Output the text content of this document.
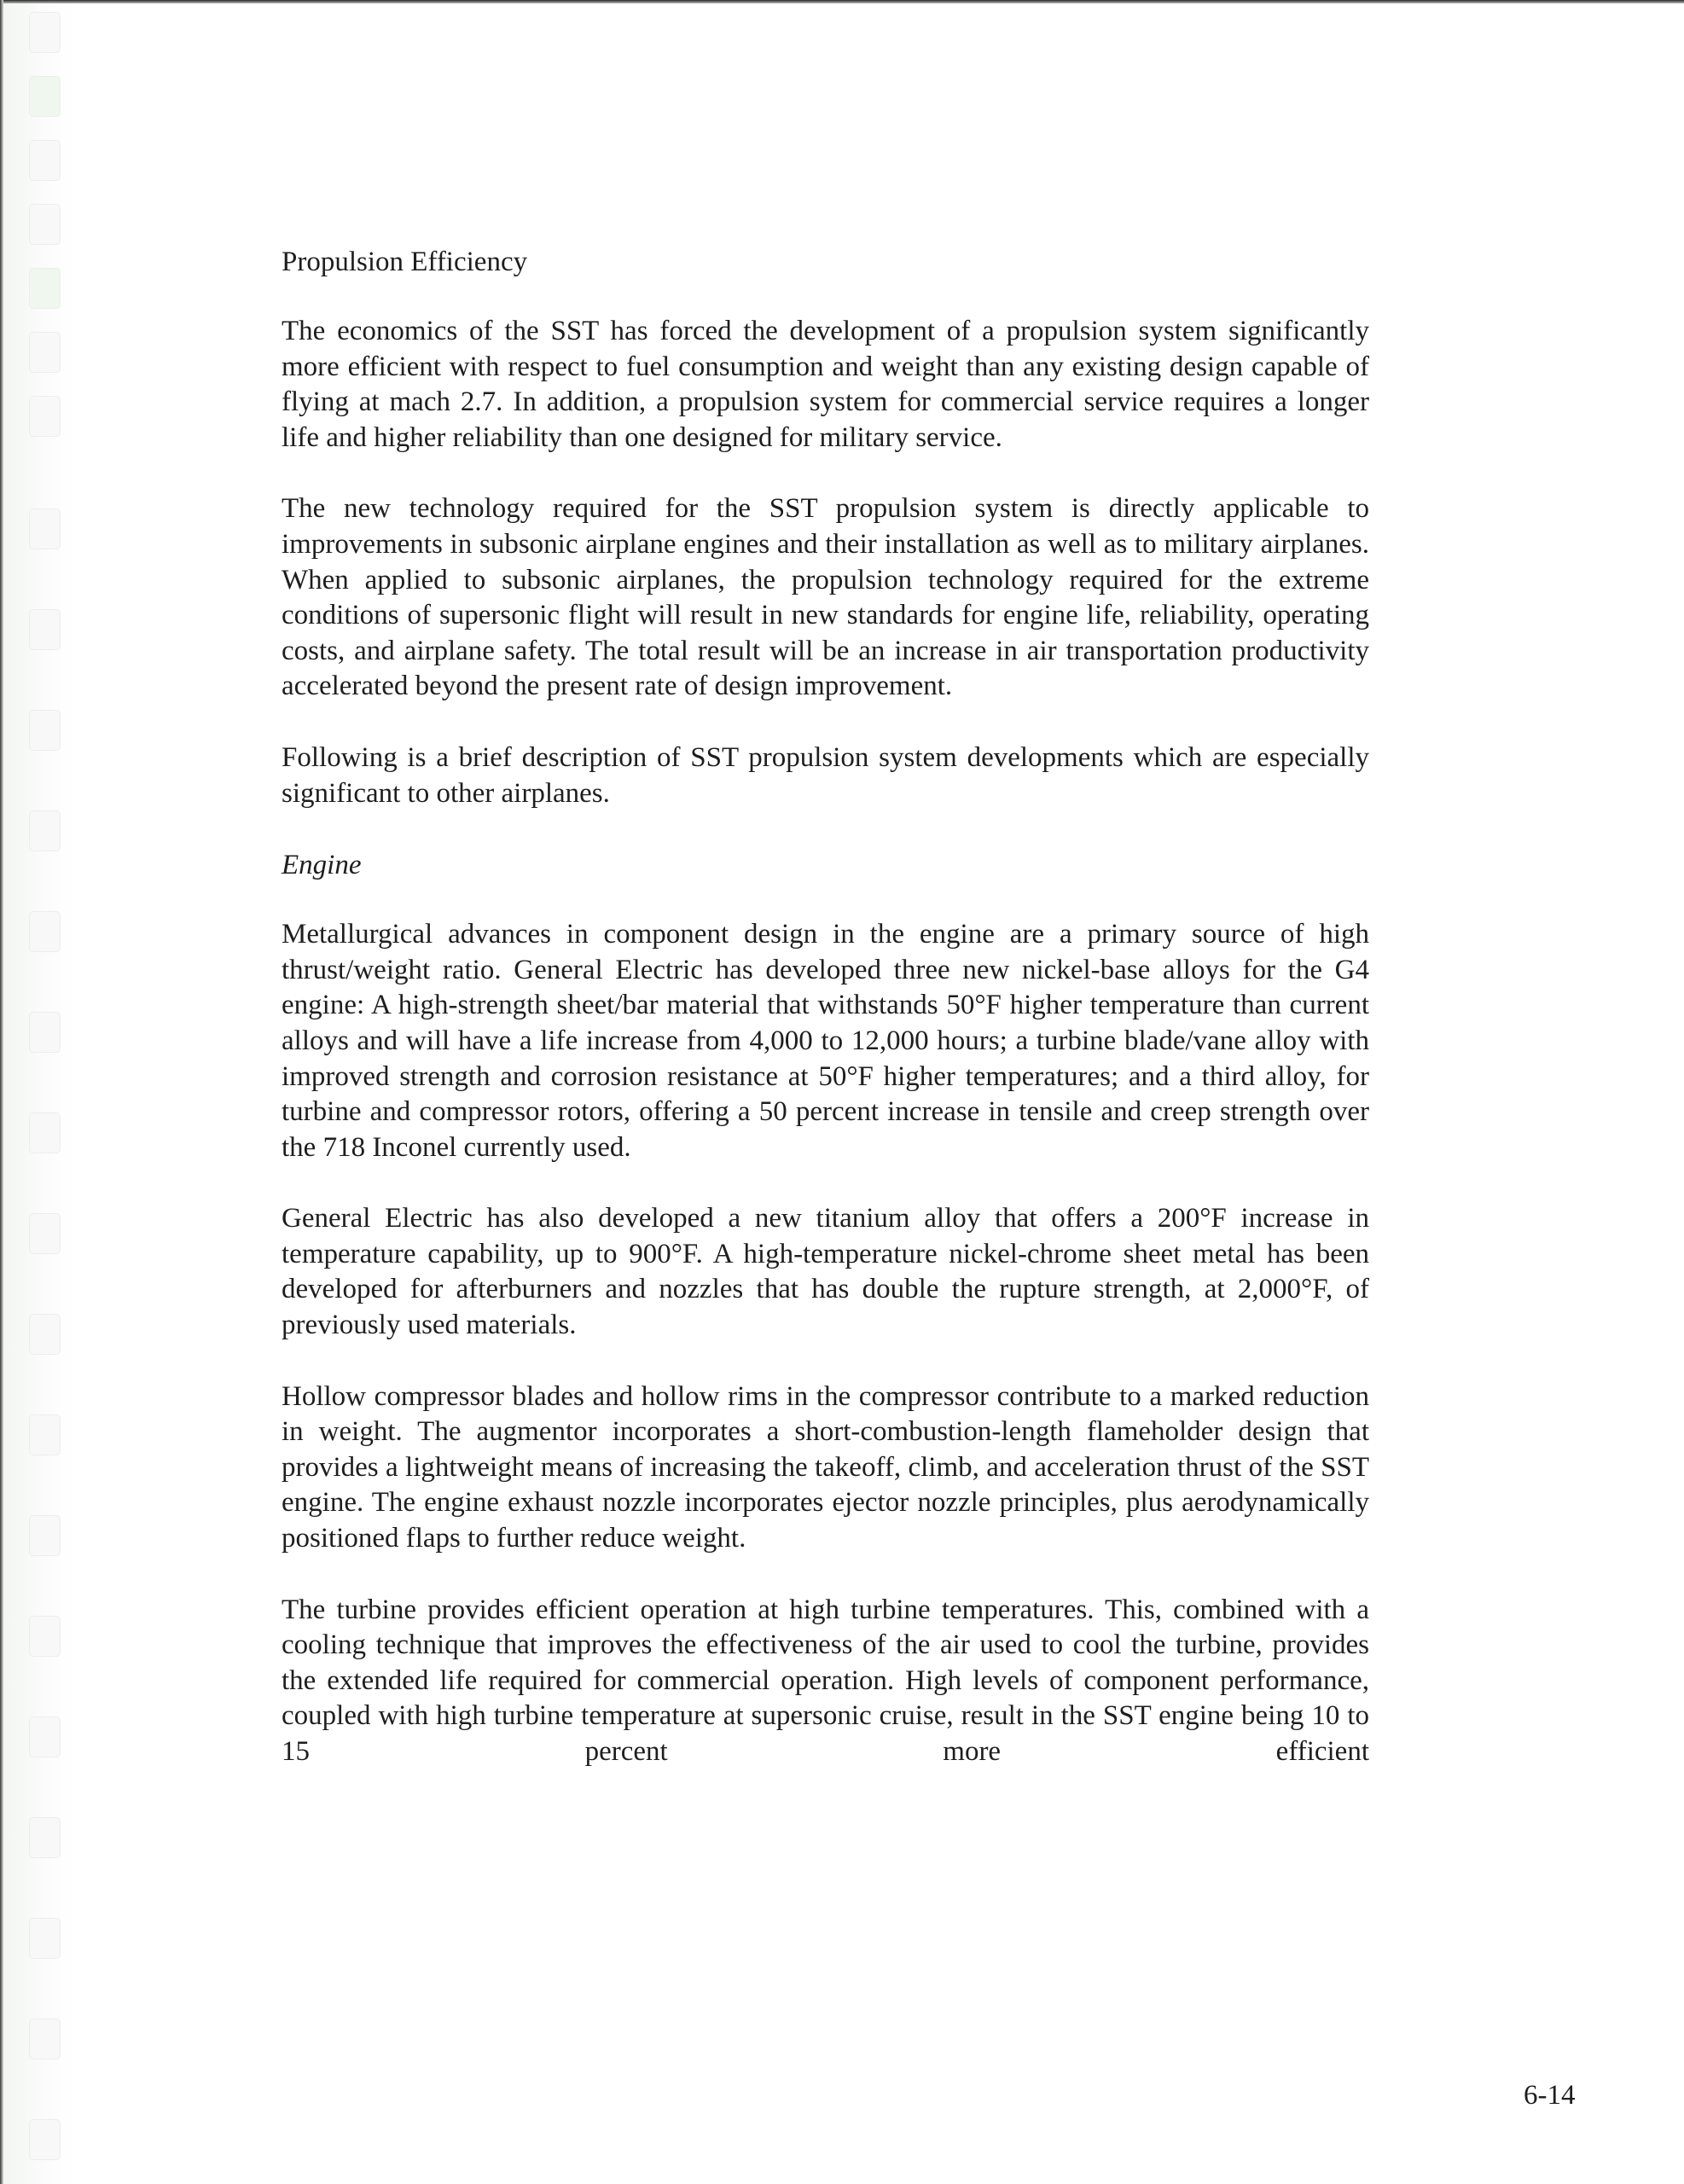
Propulsion Efficiency

The economics of the SST has forced the development of a propulsion system significantly more efficient with respect to fuel consumption and weight than any existing design capable of flying at mach 2.7. In addition, a propulsion system for commercial service requires a longer life and higher reliability than one designed for military service.

The new technology required for the SST propulsion system is directly applicable to improvements in subsonic airplane engines and their installation as well as to military airplanes. When applied to subsonic airplanes, the propulsion technology required for the extreme conditions of supersonic flight will result in new standards for engine life, reliability, operating costs, and airplane safety. The total result will be an increase in air transportation productivity accelerated beyond the present rate of design improvement.

Following is a brief description of SST propulsion system developments which are especially significant to other airplanes.

Engine

Metallurgical advances in component design in the engine are a primary source of high thrust/weight ratio. General Electric has developed three new nickel-base alloys for the G4 engine: A high-strength sheet/bar material that withstands 50°F higher temperature than current alloys and will have a life increase from 4,000 to 12,000 hours; a turbine blade/vane alloy with improved strength and corrosion resistance at 50°F higher temperatures; and a third alloy, for turbine and compressor rotors, offering a 50 percent increase in tensile and creep strength over the 718 Inconel currently used.

General Electric has also developed a new titanium alloy that offers a 200°F increase in temperature capability, up to 900°F. A high-temperature nickel-chrome sheet metal has been developed for afterburners and nozzles that has double the rupture strength, at 2,000°F, of previously used materials.

Hollow compressor blades and hollow rims in the compressor contribute to a marked reduction in weight. The augmentor incorporates a short-combustion-length flameholder design that provides a lightweight means of increasing the takeoff, climb, and acceleration thrust of the SST engine. The engine exhaust nozzle incorporates ejector nozzle principles, plus aerodynamically positioned flaps to further reduce weight.

The turbine provides efficient operation at high turbine temperatures. This, combined with a cooling technique that improves the effectiveness of the air used to cool the turbine, provides the extended life required for commercial operation. High levels of component performance, coupled with high turbine temperature at supersonic cruise, result in the SST engine being 10 to 15 percent more efficient

6-14
